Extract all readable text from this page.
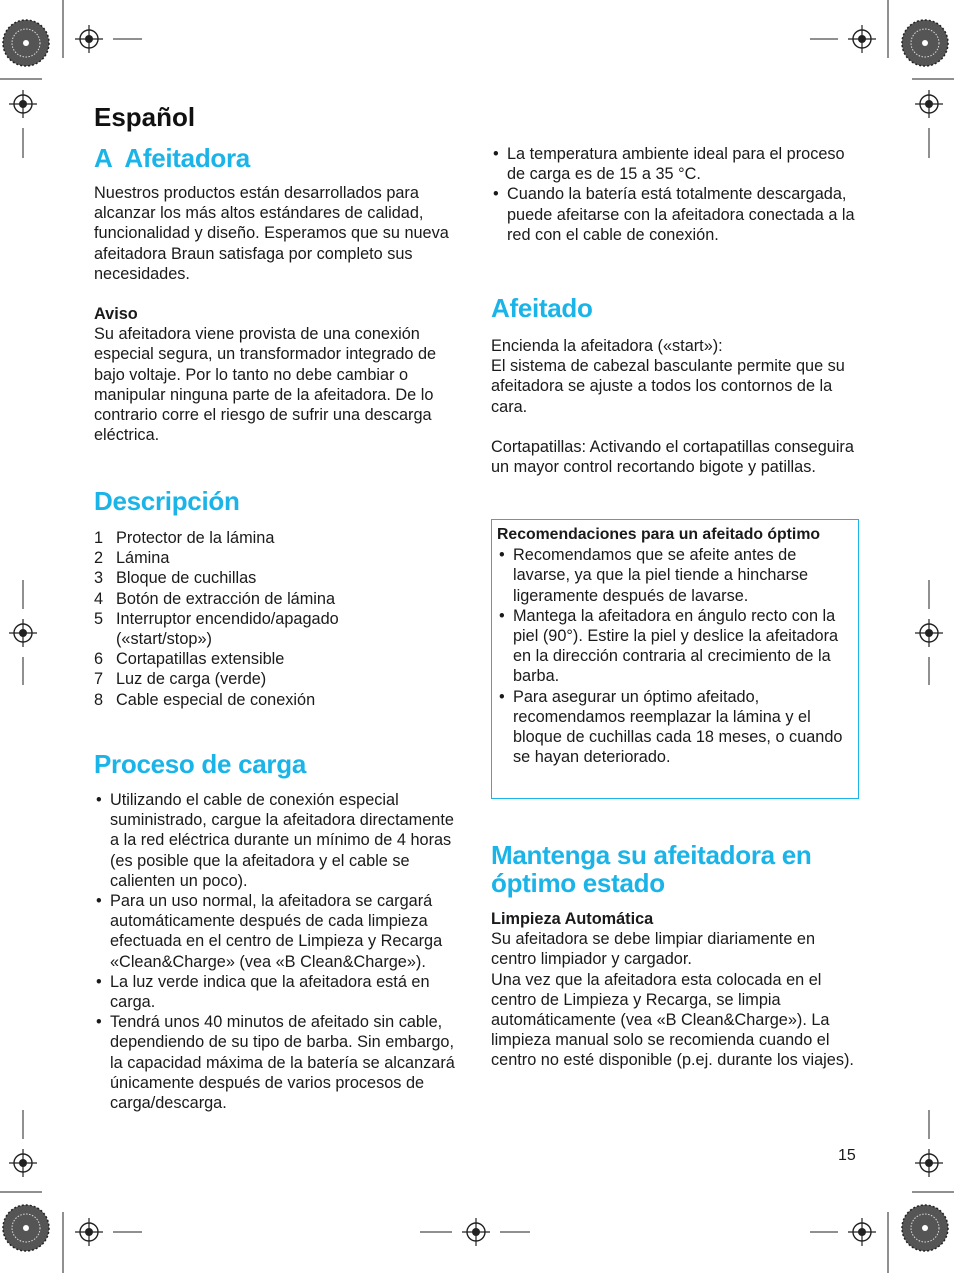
Español
A  Afeitadora

Nuestros productos están desarrollados para alcanzar los más altos estándares de calidad, funcionalidad y diseño. Esperamos que su nueva afeitadora Braun satisfaga por completo sus necesidades.

Aviso

Su afeitadora viene provista de una conexión especial segura, un transformador integrado de bajo voltaje. Por lo tanto no debe cambiar o manipular ninguna parte de la afeitadora. De lo contrario corre el riesgo de sufrir una descarga eléctrica.

Descripción
1 Protector de la lámina
2 Lámina
3 Bloque de cuchillas
4 Botón de extracción de lámina
5 Interruptor encendido/apagado («start/stop»)
6 Cortapatillas extensible
7 Luz de carga (verde)
8 Cable especial de conexión
Proceso de carga
• Utilizando el cable de conexión especial suministrado, cargue la afeitadora directamente a la red eléctrica durante un mínimo de 4 horas (es posible que la afeitadora y el cable se calienten un poco).
• Para un uso normal, la afeitadora se cargará automáticamente después de cada limpieza efectuada en el centro de Limpieza y Recarga «Clean&Charge» (vea «B Clean&Charge»).
• La luz verde indica que la afeitadora está en carga.
• Tendrá unos 40 minutos de afeitado sin cable, dependiendo de su tipo de barba. Sin embargo, la capacidad máxima de la batería se alcanzará únicamente después de varios procesos de carga/descarga.
• La temperatura ambiente ideal para el proceso de carga es de 15 a 35 °C.
• Cuando la batería está totalmente descargada, puede afeitarse con la afeitadora conectada a la red con el cable de conexión.
Afeitado

Encienda la afeitadora («start»):

El sistema de cabezal basculante permite que su afeitadora se ajuste a todos los contornos de la cara.

Cortapatillas: Activando el cortapatillas conseguira un mayor control recortando bigote y patillas.

Recomendaciones para un afeitado óptimo

• Recomendamos que se afeite antes de lavarse, ya que la piel tiende a hincharse ligeramente después de lavarse.
• Mantega la afeitadora en ángulo recto con la piel (90°). Estire la piel y deslice la afeitadora en la dirección contraria al crecimiento de la barba.
• Para asegurar un óptimo afeitado, recomendamos reemplazar la lámina y el bloque de cuchillas cada 18 meses, o cuando se hayan deteriorado.
Mantenga su afeitadora en óptimo estado

Limpieza Automática

Su afeitadora se debe limpiar diariamente en centro limpiador y cargador.

Una vez que la afeitadora esta colocada en el centro de Limpieza y Recarga, se limpia automáticamente (vea «B Clean&Charge»). La limpieza manual solo se recomienda cuando el centro no esté disponible (p.ej. durante los viajes).

15
